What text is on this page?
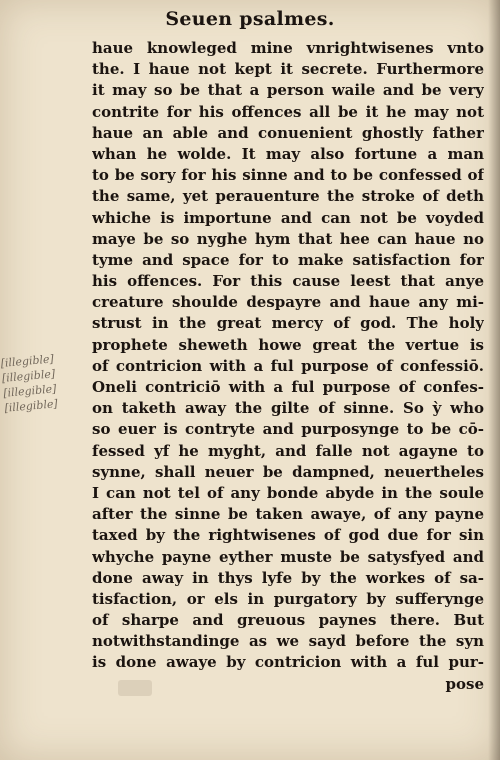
Seuen psalmes.
[illegible]
[illegible]
[illegible]
[illegible]
haue knowleged mine vnrightwisenes vnto
the. I haue not kept it secrete. Furthermore
it may so be that a person waile and be very
contrite for his offences all be it he may not
haue an able and conuenient ghostly father
whan he wolde. It may also fortune a man
to be sory for his sinne and to be confessed of
the same, yet perauenture the stroke of deth
whiche is importune and can not be voyded
maye be so nyghe hym that hee can haue no
tyme and space for to make satisfaction for
his offences. For this cause leest that anye
creature shoulde despayre and haue any mi-
strust in the great mercy of god. The holy
prophete sheweth howe great the vertue is
of contricion with a ful purpose of confessiō.
Oneli contriciō with a ful purpose of confes-
on taketh away the gilte of sinne. So ỳ who
so euer is contryte and purposynge to be cō-
fessed yf he myght, and falle not agayne to
synne, shall neuer be dampned, neuertheles
I can not tel of any bonde abyde in the soule
after the sinne be taken awaye, of any payne
taxed by the rightwisenes of god due for sin
whyche payne eyther muste be satysfyed and
done away in thys lyfe by the workes of sa-
tisfaction, or els in purgatory by sufferynge
of sharpe and greuous paynes there. But
notwithstandinge as we sayd before the syn
is done awaye by contricion with a ful pur-
pose
